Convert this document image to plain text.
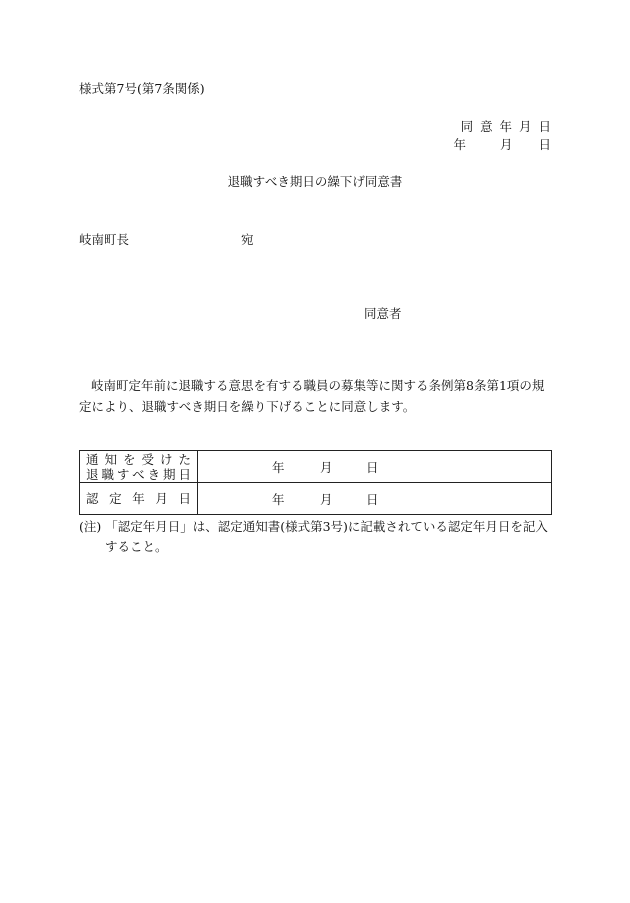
様式第7号(第7条関係)
同 意 年 月 日
年	月 日
退職すべき期日の繰下げ同意書
岐南町長	宛
同意者
岐南町定年前に退職する意思を有する職員の募集等に関する条例第8条第1項の規定により、退職すべき期日を繰り下げることに同意します。
通 知 を 受 け た
退職すべき期日	年 月 日

認 定 年 月 日	年 月 日
(注) 「認定年月日」は、認定通知書(様式第3号)に記載されている認定年月日を記入すること。
